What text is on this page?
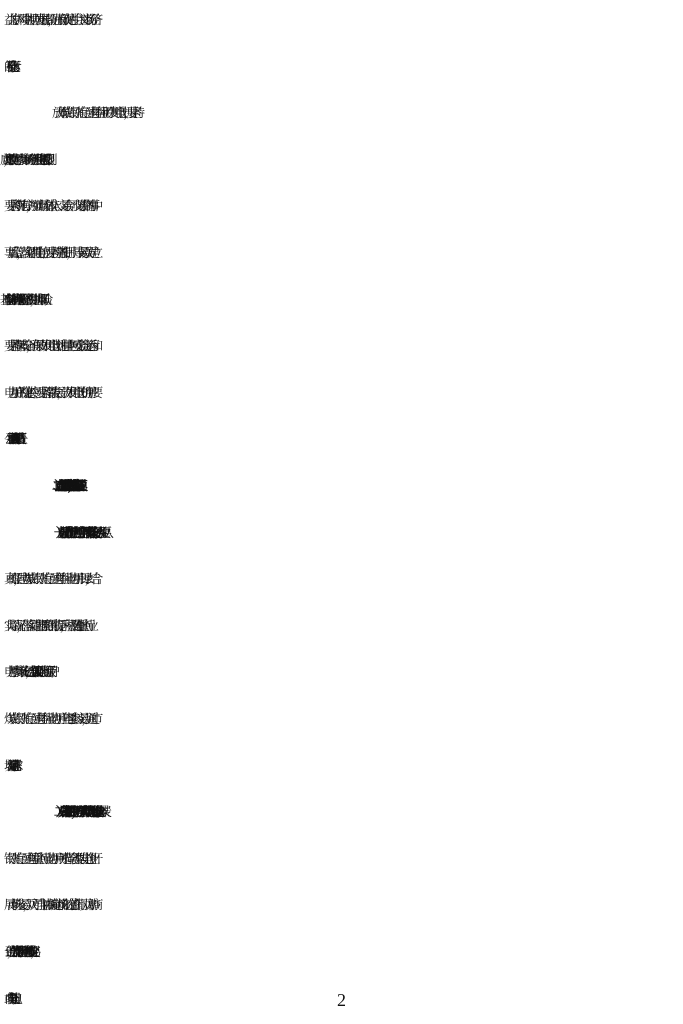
益共享、风险共担协同发展格局，进而有效促进社会主义市场经济
的平稳健康运行。
放开煤炭、钢铁、有色、建材等行业用户发用电计划，要坚持
“应放尽放”，取消电力用户参与市场的电压等级和电量规模限制；
要坚持规范有序，加强市场主体准入、交易合同、交易价格的事中
事后监管，落实惩罚性电价；要坚持完善机制，引导交易双方建立
“基准电价+浮动机制”的市场化价格形成机制，共担市场风险；
要坚持保障安全，确保放开发用电计划过程中电网安全稳定运行和
电力用户的稳定供应；要坚持清洁发展，放开发用电计划的用户要
公平承担清洁能源配额消纳责任。
二、试点全部放开重点行业发用电计划，提高市场化交易规模
（一）鼓励重点行业电力用户全部开展市场化交易。各地要认
真梳理，建立煤炭、钢铁、有色、建材等行业电力用户目录，结合
实际情况，在落实清洁能源配额的前提下，积极推进4个重点行业
电力用户参与市场化交易，全部放开10千伏及以上电压等级用户。
煤炭、钢铁、有色、建材等行业电力用户全电量参与交易，通过市
场交易满足用电需求。
（二）具备条件的用户，同步放开发用电计划和电价。煤炭、
钢铁、有色、建材等重点行业电力用户可选择与各类型发电企业开
展市场化交易，双方可自主协商确定市场化的定价机制。双方协商
一致的，全部放开发用电计划和电价。用户也可参与集中竞价交易，
2
或向售电公司购电。
